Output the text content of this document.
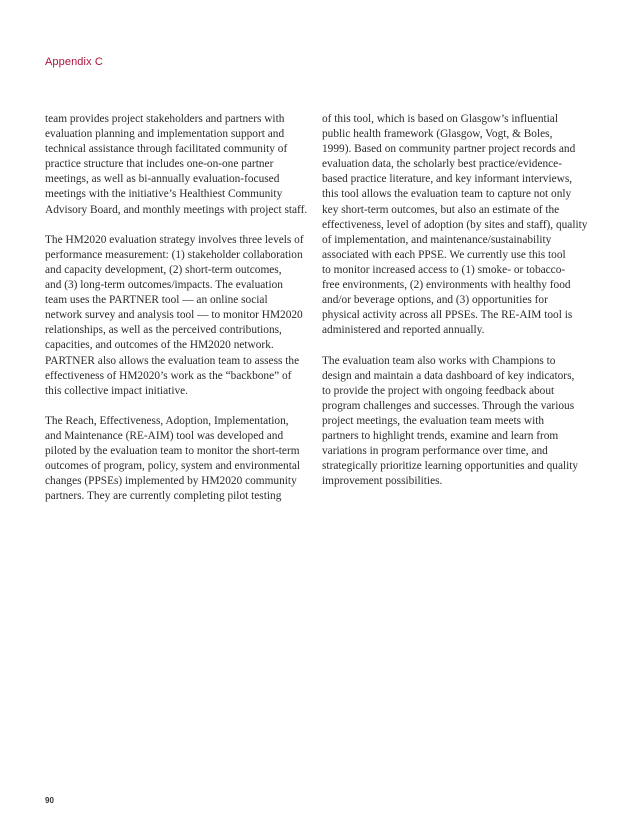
Appendix C

team provides project stakeholders and partners with
evaluation planning and implementation support and
technical assistance through facilitated community of
practice structure that includes one-on-one partner
meetings, as well as bi-annually evaluation-focused
meetings with the initiative’s Healthiest Community
Advisory Board, and monthly meetings with project staff.

The HM2020 evaluation strategy involves three levels of
performance measurement: (1) stakeholder collaboration
and capacity development, (2) short-term outcomes,
and (3) long-term outcomes/impacts. The evaluation
team uses the PARTNER tool — an online social
network survey and analysis tool — to monitor HM2020
relationships, as well as the perceived contributions,
capacities, and outcomes of the HM2020 network.
PARTNER also allows the evaluation team to assess the
effectiveness of HM2020’s work as the “backbone” of
this collective impact initiative.

The Reach, Effectiveness, Adoption, Implementation,
and Maintenance (RE-AIM) tool was developed and
piloted by the evaluation team to monitor the short-term
outcomes of program, policy, system and environmental
changes (PPSEs) implemented by HM2020 community
partners. They are currently completing pilot testing

of this tool, which is based on Glasgow’s influential
public health framework (Glasgow, Vogt, & Boles,
1999). Based on community partner project records and
evaluation data, the scholarly best practice/evidence-
based practice literature, and key informant interviews,
this tool allows the evaluation team to capture not only
key short-term outcomes, but also an estimate of the
effectiveness, level of adoption (by sites and staff), quality
of implementation, and maintenance/sustainability
associated with each PPSE. We currently use this tool
to monitor increased access to (1) smoke- or tobacco-
free environments, (2) environments with healthy food
and/or beverage options, and (3) opportunities for
physical activity across all PPSEs. The RE-AIM tool is
administered and reported annually.

The evaluation team also works with Champions to
design and maintain a data dashboard of key indicators,
to provide the project with ongoing feedback about
program challenges and successes. Through the various
project meetings, the evaluation team meets with
partners to highlight trends, examine and learn from
variations in program performance over time, and
strategically prioritize learning opportunities and quality
improvement possibilities.

90
